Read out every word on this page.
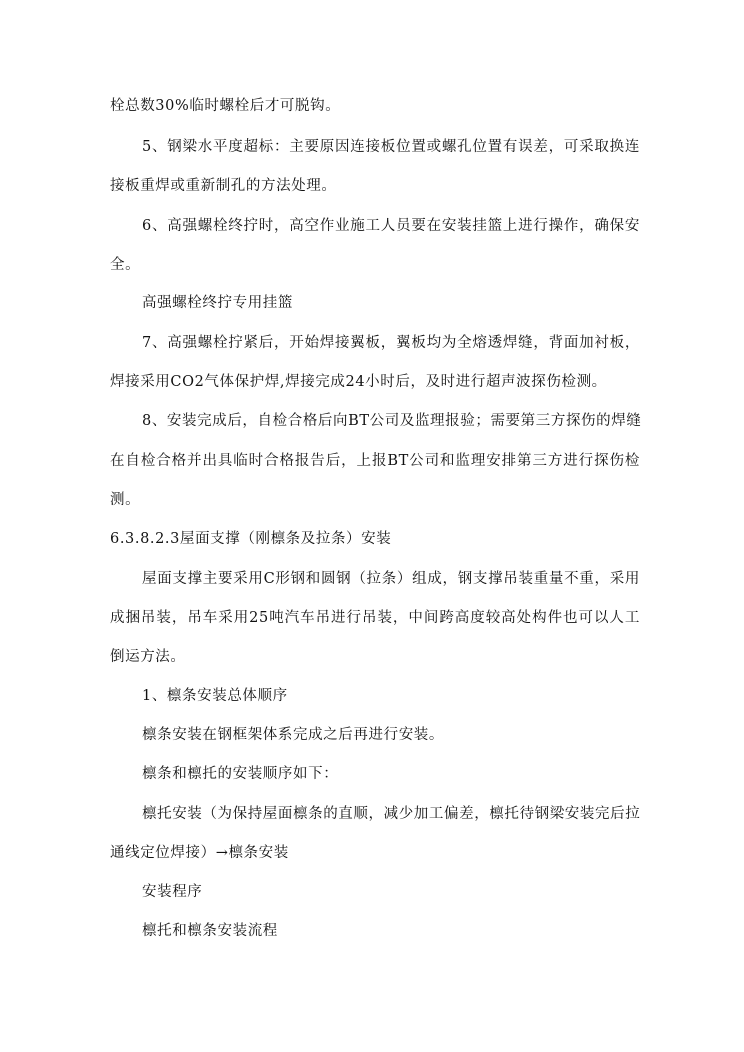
栓总数30%临时螺栓后才可脱钩。
5、钢梁水平度超标：主要原因连接板位置或螺孔位置有误差，可采取换连
接板重焊或重新制孔的方法处理。
6、高强螺栓终拧时，高空作业施工人员要在安装挂篮上进行操作，确保安
全。
高强螺栓终拧专用挂篮
7、高强螺栓拧紧后，开始焊接翼板，翼板均为全熔透焊缝，背面加衬板，
焊接采用CO2气体保护焊,焊接完成24小时后，及时进行超声波探伤检测。
8、安装完成后，自检合格后向BT公司及监理报验；需要第三方探伤的焊缝
在自检合格并出具临时合格报告后，上报BT公司和监理安排第三方进行探伤检
测。
6.3.8.2.3屋面支撑（刚檩条及拉条）安装
屋面支撑主要采用C形钢和圆钢（拉条）组成，钢支撑吊装重量不重，采用
成捆吊装，吊车采用25吨汽车吊进行吊装，中间跨高度较高处构件也可以人工
倒运方法。
1、檩条安装总体顺序
檩条安装在钢框架体系完成之后再进行安装。
檩条和檩托的安装顺序如下：
檩托安装（为保持屋面檩条的直顺，减少加工偏差，檩托待钢梁安装完后拉
通线定位焊接）→檩条安装
安装程序
檩托和檩条安装流程
